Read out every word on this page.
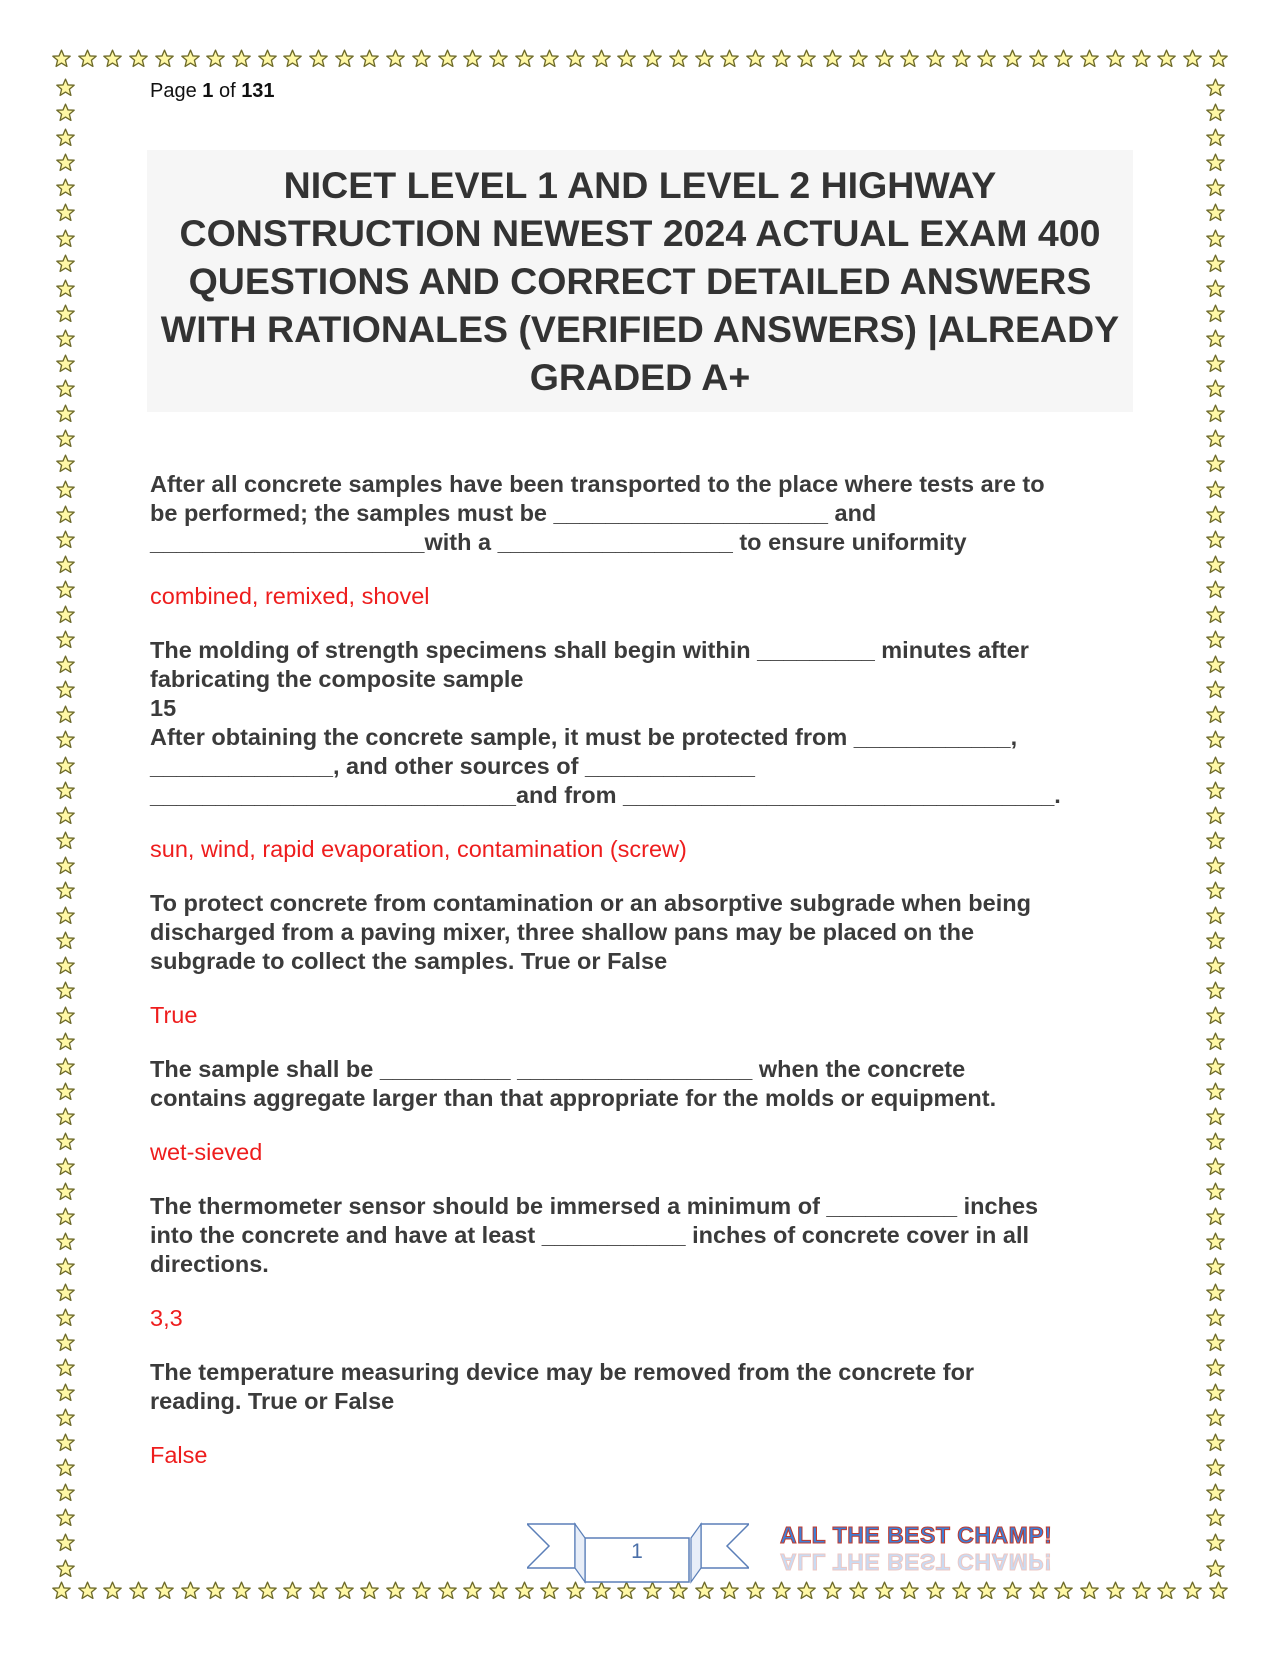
Page 1 of 131
NICET LEVEL 1 AND LEVEL 2 HIGHWAY CONSTRUCTION NEWEST 2024 ACTUAL EXAM 400 QUESTIONS AND CORRECT DETAILED ANSWERS WITH RATIONALES (VERIFIED ANSWERS) |ALREADY GRADED A+

After all concrete samples have been transported to the place where tests are to
be performed; the samples must be _____________________ and
_____________________with a __________________ to ensure uniformity

combined, remixed, shovel

The molding of strength specimens shall begin within _________ minutes after
fabricating the composite sample
15
After obtaining the concrete sample, it must be protected from ____________,
______________, and other sources of _____________
____________________________and from _________________________________.

sun, wind, rapid evaporation, contamination (screw)

To protect concrete from contamination or an absorptive subgrade when being
discharged from a paving mixer, three shallow pans may be placed on the
subgrade to collect the samples. True or False

True

The sample shall be __________ __________________ when the concrete
contains aggregate larger than that appropriate for the molds or equipment.

wet-sieved

The thermometer sensor should be immersed a minimum of __________ inches
into the concrete and have at least ___________ inches of concrete cover in all
directions.

3,3

The temperature measuring device may be removed from the concrete for
reading. True or False

False

1
ALL THE BEST CHAMP!
ALL THE BEST CHAMP!
